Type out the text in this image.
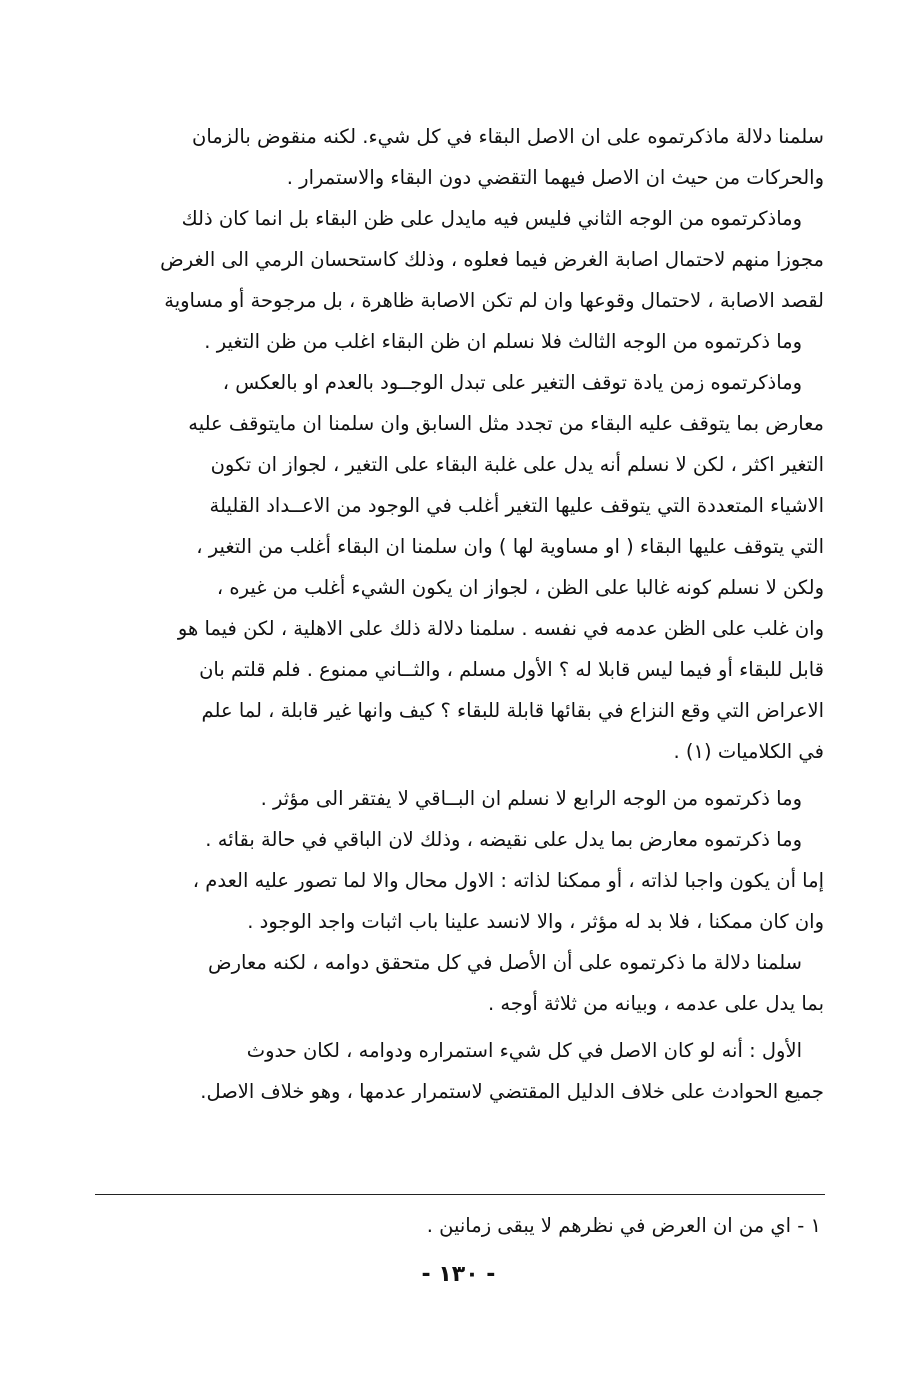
سلمنا دلالة ماذكرتموه على ان الاصل البقاء في كل شيء. لكنه منقوض بالزمان
والحركات من حيث ان الاصل فيهما التقضي دون البقاء والاستمرار .
وماذكرتموه من الوجه الثاني فليس فيه مايدل على ظن البقاء بل انما كان ذلك
مجوزا منهم لاحتمال اصابة الغرض فيما فعلوه ، وذلك كاستحسان الرمي الى الغرض
لقصد الاصابة ، لاحتمال وقوعها وان لم تكن الاصابة ظاهرة ، بل مرجوحة أو مساوية
وما ذكرتموه من الوجه الثالث فلا نسلم ان ظن البقاء اغلب من ظن التغير .
وماذكرتموه زمن يادة توقف التغير على تبدل الوجــود بالعدم او بالعكس ،
معارض بما يتوقف عليه البقاء من تجدد مثل السابق وان سلمنا ان مايتوقف عليه
التغير اكثر ، لكن لا نسلم أنه يدل على غلبة البقاء على التغير ، لجواز ان تكون
الاشياء المتعددة التي يتوقف عليها التغير أغلب في الوجود من الاعــداد القليلة
التي يتوقف عليها البقاء ( او مساوية لها ) وان سلمنا ان البقاء أغلب من التغير ،
ولكن لا نسلم كونه غالبا على الظن ، لجواز ان يكون الشيء أغلب من غيره ،
وان غلب على الظن عدمه في نفسه . سلمنا دلالة ذلك على الاهلية ، لكن فيما هو
قابل للبقاء أو فيما ليس قابلا له ؟ الأول مسلم ، والثــاني ممنوع . فلم قلتم بان
الاعراض التي وقع النزاع في بقائها قابلة للبقاء ؟ كيف وانها غير قابلة ، لما علم
في الكلاميات (١) .
وما ذكرتموه من الوجه الرابع لا نسلم ان البــاقي لا يفتقر الى مؤثر .
وما ذكرتموه معارض بما يدل على نقيضه ، وذلك لان الباقي في حالة بقائه .
إما أن يكون واجبا لذاته ، أو ممكنا لذاته : الاول محال والا لما تصور عليه العدم ،
وان كان ممكنا ، فلا بد له مؤثر ، والا لانسد علينا باب اثبات واجد الوجود .
سلمنا دلالة ما ذكرتموه على أن الأصل في كل متحقق دوامه ، لكنه معارض
بما يدل على عدمه ، وبيانه من ثلاثة أوجه .
الأول : أنه لو كان الاصل في كل شيء استمراره ودوامه ، لكان حدوث
جميع الحوادث على خلاف الدليل المقتضي لاستمرار عدمها ، وهو خلاف الاصل.
١ - اي من ان العرض في نظرهم لا يبقى زمانين .
- ١٣٠ -
